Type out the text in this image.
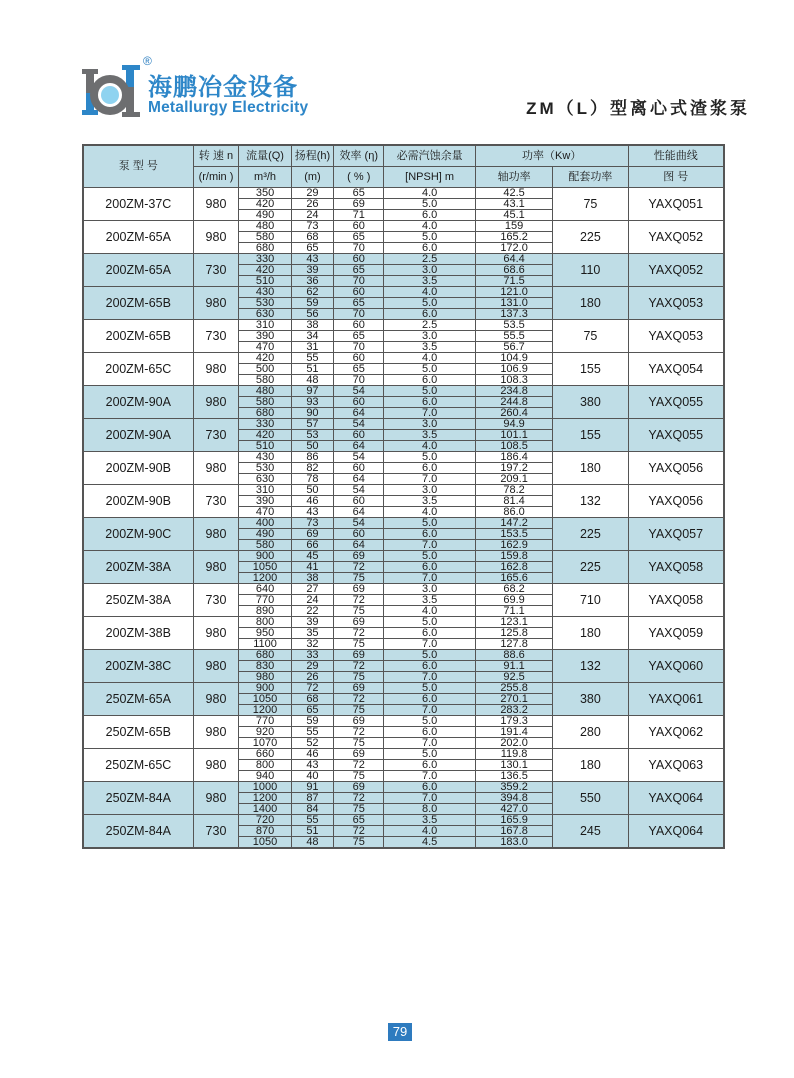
®
海鹏冶金设备
Metallurgy Electricity	ZM（L）型离心式渣浆泵
泵 型 号	转 速 n	流量(Q)	扬程(h)	效率 (η)	必需汽蚀余量	功率（Kw）		性能曲线
	(r/min )	m³/h	(m)	( % )	[NPSH] m	轴功率	配套功率	图 号
200ZM-37C	980	350	29	65	4.0	42.5	75	YAXQ051
		420	26	69	5.0	43.1		
		490	24	71	6.0	45.1		
200ZM-65A	980	480	73	60	4.0	159	225	YAXQ052
		580	68	65	5.0	165.2		
		680	65	70	6.0	172.0		
200ZM-65A	730	330	43	60	2.5	64.4	110	YAXQ052
		420	39	65	3.0	68.6		
		510	36	70	3.5	71.5		
200ZM-65B	980	430	62	60	4.0	121.0	180	YAXQ053
		530	59	65	5.0	131.0		
		630	56	70	6.0	137.3		
200ZM-65B	730	310	38	60	2.5	53.5	75	YAXQ053
		390	34	65	3.0	55.5		
		470	31	70	3.5	56.7		
200ZM-65C	980	420	55	60	4.0	104.9	155	YAXQ054
		500	51	65	5.0	106.9		
		580	48	70	6.0	108.3		
200ZM-90A	980	480	97	54	5.0	234.8	380	YAXQ055
		580	93	60	6.0	244.8		
		680	90	64	7.0	260.4		
200ZM-90A	730	330	57	54	3.0	94.9	155	YAXQ055
		420	53	60	3.5	101.1		
		510	50	64	4.0	108.5		
200ZM-90B	980	430	86	54	5.0	186.4	180	YAXQ056
		530	82	60	6.0	197.2		
		630	78	64	7.0	209.1		
200ZM-90B	730	310	50	54	3.0	78.2	132	YAXQ056
		390	46	60	3.5	81.4		
		470	43	64	4.0	86.0		
200ZM-90C	980	400	73	54	5.0	147.2	225	YAXQ057
		490	69	60	6.0	153.5		
		580	66	64	7.0	162.9		
200ZM-38A	980	900	45	69	5.0	159.8	225	YAXQ058
		1050	41	72	6.0	162.8		
		1200	38	75	7.0	165.6		
250ZM-38A	730	640	27	69	3.0	68.2	710	YAXQ058
		770	24	72	3.5	69.9		
		890	22	75	4.0	71.1		
200ZM-38B	980	800	39	69	5.0	123.1	180	YAXQ059
		950	35	72	6.0	125.8		
		1100	32	75	7.0	127.8		
200ZM-38C	980	680	33	69	5.0	88.6	132	YAXQ060
		830	29	72	6.0	91.1		
		980	26	75	7.0	92.5		
250ZM-65A	980	900	72	69	5.0	255.8	380	YAXQ061
		1050	68	72	6.0	270.1		
		1200	65	75	7.0	283.2		
250ZM-65B	980	770	59	69	5.0	179.3	280	YAXQ062
		920	55	72	6.0	191.4		
		1070	52	75	7.0	202.0		
250ZM-65C	980	660	46	69	5.0	119.8	180	YAXQ063
		800	43	72	6.0	130.1		
		940	40	75	7.0	136.5		
250ZM-84A	980	1000	91	69	6.0	359.2	550	YAXQ064
		1200	87	72	7.0	394.8		
		1400	84	75	8.0	427.0		
250ZM-84A	730	720	55	65	3.5	165.9	245	YAXQ064
		870	51	72	4.0	167.8		
		1050	48	75	4.5	183.0		
79
